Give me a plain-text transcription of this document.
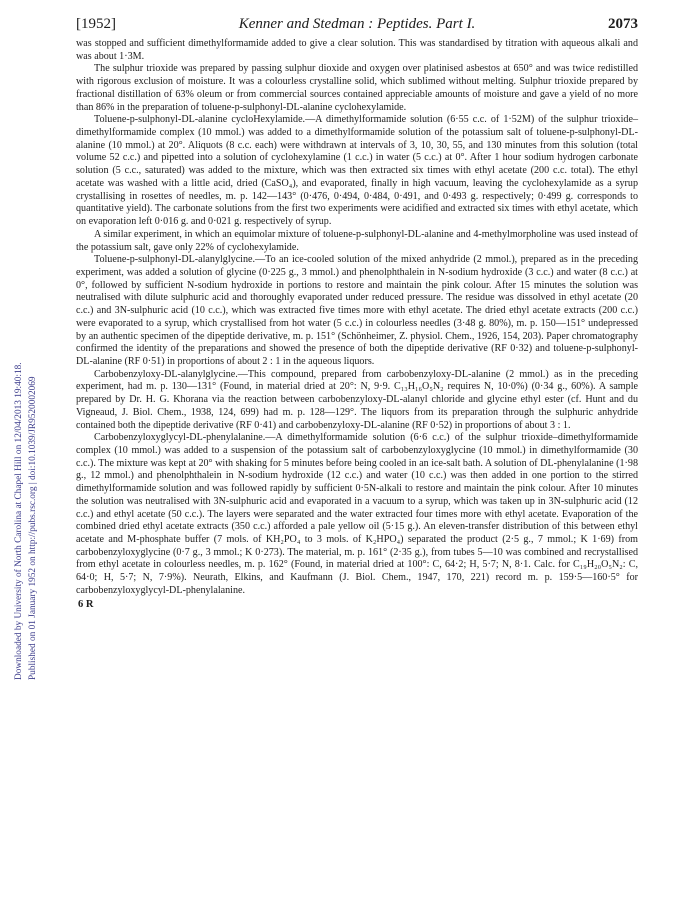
[1952]	Kenner and Stedman : Peptides. Part I.	2073
Downloaded by University of North Carolina at Chapel Hill on 12/04/2013 19:40:18. Published on 01 January 1952 on http://pubs.rsc.org | doi:10.1039/JR9520002069

was stopped and sufficient dimethylformamide added to give a clear solution. This was standardised by titration with aqueous alkali and was about 1·3M.

The sulphur trioxide was prepared by passing sulphur dioxide and oxygen over platinised asbestos at 650° and was twice redistilled with rigorous exclusion of moisture. It was a colourless crystalline solid, which sublimed without melting. Sulphur trioxide prepared by fractional distillation of 63% oleum or from commercial sources contained appreciable amounts of moisture and gave a yield of no more than 86% in the preparation of toluene-p-sulphonyl-DL-alanine cyclohexylamide.

Toluene-p-sulphonyl-DL-alanine cycloHexylamide.—A dimethylformamide solution (6·55 c.c. of 1·52M) of the sulphur trioxide–dimethylformamide complex (10 mmol.) was added to a dimethylformamide solution of the potassium salt of toluene-p-sulphonyl-DL-alanine (10 mmol.) at 20°. Aliquots (8 c.c. each) were withdrawn at intervals of 3, 10, 30, 55, and 130 minutes from this solution (total volume 52 c.c.) and pipetted into a solution of cyclohexylamine (1 c.c.) in water (5 c.c.) at 0°. After 1 hour sodium hydrogen carbonate solution (5 c.c., saturated) was added to the mixture, which was then extracted six times with ethyl acetate (200 c.c. total). The ethyl acetate was washed with a little acid, dried (CaSO₄), and evaporated, finally in high vacuum, leaving the cyclohexylamide as a syrup crystallising in rosettes of needles, m. p. 142—143° (0·476, 0·494, 0·484, 0·491, and 0·493 g. respectively; 0·499 g. corresponds to quantitative yield). The carbonate solutions from the first two experiments were acidified and extracted six times with ethyl acetate, which on evaporation left 0·016 g. and 0·021 g. respectively of syrup.

A similar experiment, in which an equimolar mixture of toluene-p-sulphonyl-DL-alanine and 4-methylmorpholine was used instead of the potassium salt, gave only 22% of cyclohexylamide.

Toluene-p-sulphonyl-DL-alanylglycine.—To an ice-cooled solution of the mixed anhydride (2 mmol.), prepared as in the preceding experiment, was added a solution of glycine (0·225 g., 3 mmol.) and phenolphthalein in N-sodium hydroxide (3 c.c.) and water (8 c.c.) at 0°, followed by sufficient N-sodium hydroxide in portions to restore and maintain the pink colour. After 15 minutes the solution was neutralised with dilute sulphuric acid and thoroughly evaporated under reduced pressure. The residue was dissolved in ethyl acetate (20 c.c.) and 3N-sulphuric acid (10 c.c.), which was extracted five times more with ethyl acetate. The dried ethyl acetate extracts (200 c.c.) were evaporated to a syrup, which crystallised from hot water (5 c.c.) in colourless needles (3·48 g. 80%), m. p. 150—151° undepressed by an authentic specimen of the dipeptide derivative, m. p. 151° (Schönheimer, Z. physiol. Chem., 1926, 154, 203). Paper chromatography confirmed the identity of the preparations and showed the presence of both the dipeptide derivative (RF 0·32) and toluene-p-sulphonyl-DL-alanine (RF 0·51) in proportions of about 2 : 1 in the aqueous liquors.

Carbobenzyloxy-DL-alanylglycine.—This compound, prepared from carbobenzyloxy-DL-alanine (2 mmol.) as in the preceding experiment, had m. p. 130—131° (Found, in material dried at 20°: N, 9·9. C₁₃H₁₆O₅N₂ requires N, 10·0%) (0·34 g., 60%). A sample prepared by Dr. H. G. Khorana via the reaction between carbobenzyloxy-DL-alanyl chloride and glycine ethyl ester (cf. Hunt and du Vigneaud, J. Biol. Chem., 1938, 124, 699) had m. p. 128—129°. The liquors from its preparation through the sulphuric anhydride contained both the dipeptide derivative (RF 0·41) and carbobenzyloxy-DL-alanine (RF 0·52) in proportions of about 3 : 1.

Carbobenzyloxyglycyl-DL-phenylalanine.—A dimethylformamide solution (6·6 c.c.) of the sulphur trioxide–dimethylformamide complex (10 mmol.) was added to a suspension of the potassium salt of carbobenzyloxyglycine (10 mmol.) in dimethylformamide (30 c.c.). The mixture was kept at 20° with shaking for 5 minutes before being cooled in an ice-salt bath. A solution of DL-phenylalanine (1·98 g., 12 mmol.) and phenolphthalein in N-sodium hydroxide (12 c.c.) and water (10 c.c.) was then added in one portion to the stirred dimethylformamide solution and was followed rapidly by sufficient 0·5N-alkali to restore and maintain the pink colour. After 10 minutes the solution was neutralised with 3N-sulphuric acid and evaporated in a vacuum to a syrup, which was taken up in 3N-sulphuric acid (12 c.c.) and ethyl acetate (50 c.c.). The layers were separated and the water extracted four times more with ethyl acetate. Evaporation of the combined dried ethyl acetate extracts (350 c.c.) afforded a pale yellow oil (5·15 g.). An eleven-transfer distribution of this between ethyl acetate and M-phosphate buffer (7 mols. of KH₂PO₄ to 3 mols. of K₂HPO₄) separated the product (2·5 g., 7 mmol.; K 1·69) from carbobenzyloxyglycine (0·7 g., 3 mmol.; K 0·273). The material, m. p. 161° (2·35 g.), from tubes 5—10 was combined and recrystallised from ethyl acetate in colourless needles, m. p. 162° (Found, in material dried at 100°: C, 64·2; H, 5·7; N, 8·1. Calc. for C₁₉H₂₀O₅N₂: C, 64·0; H, 5·7; N, 7·9%). Neurath, Elkins, and Kaufmann (J. Biol. Chem., 1947, 170, 221) record m. p. 159·5—160·5° for carbobenzyloxyglycyl-DL-phenylalanine.

6 R
